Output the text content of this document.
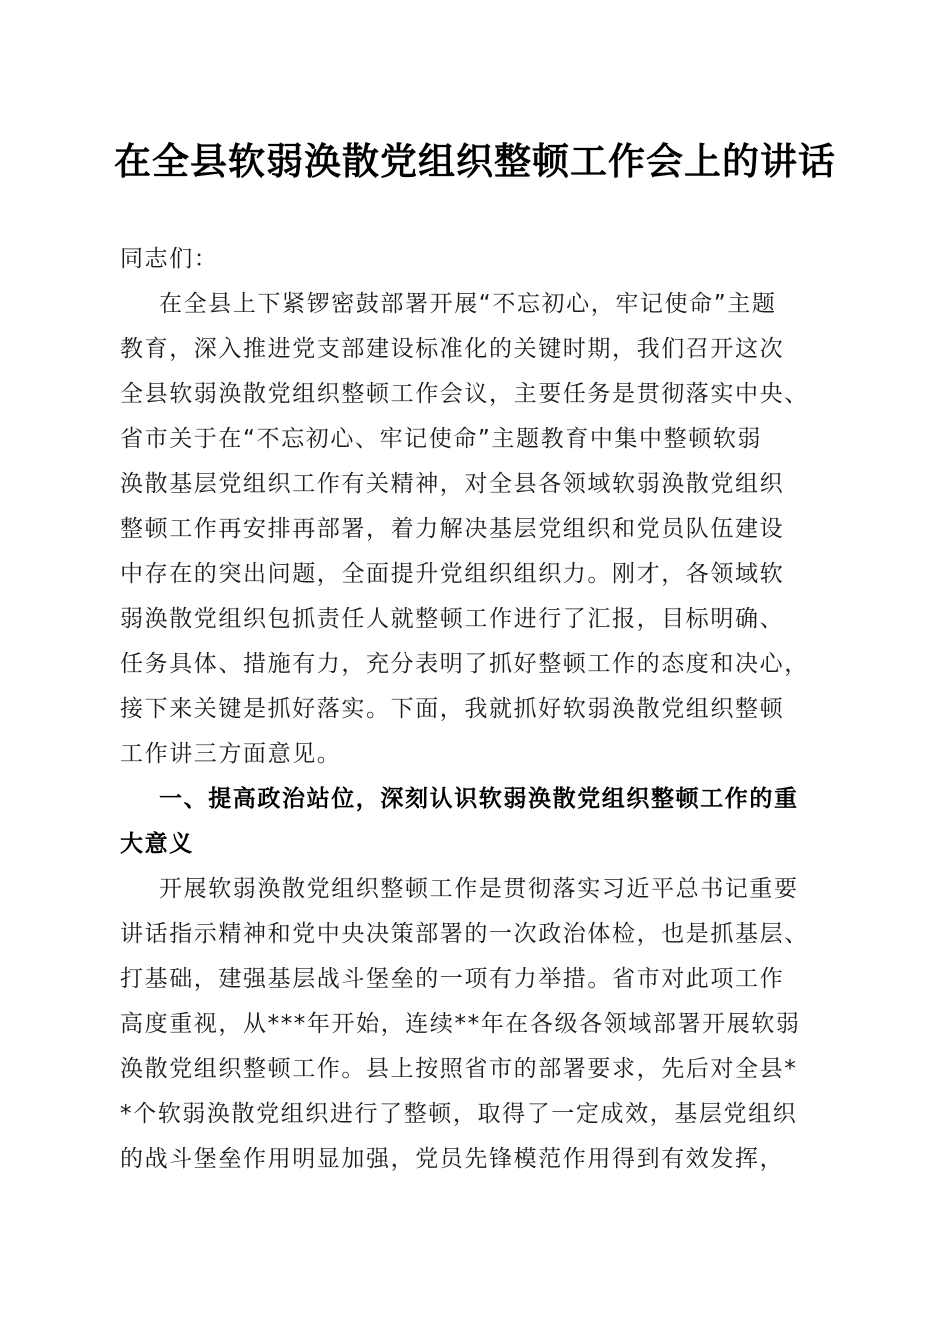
在全县软弱涣散党组织整顿工作会上的讲话
同志们：
在全县上下紧锣密鼓部署开展“不忘初心，牢记使命”主题
教育，深入推进党支部建设标准化的关键时期，我们召开这次
全县软弱涣散党组织整顿工作会议，主要任务是贯彻落实中央、
省市关于在“不忘初心、牢记使命”主题教育中集中整顿软弱
涣散基层党组织工作有关精神，对全县各领域软弱涣散党组织
整顿工作再安排再部署，着力解决基层党组织和党员队伍建设
中存在的突出问题，全面提升党组织组织力。刚才，各领域软
弱涣散党组织包抓责任人就整顿工作进行了汇报，目标明确、
任务具体、措施有力，充分表明了抓好整顿工作的态度和决心，
接下来关键是抓好落实。下面，我就抓好软弱涣散党组织整顿
工作讲三方面意见。
一、提高政治站位，深刻认识软弱涣散党组织整顿工作的重
大意义
开展软弱涣散党组织整顿工作是贯彻落实习近平总书记重要
讲话指示精神和党中央决策部署的一次政治体检，也是抓基层、
打基础，建强基层战斗堡垒的一项有力举措。省市对此项工作
高度重视，从***年开始，连续**年在各级各领域部署开展软弱
涣散党组织整顿工作。县上按照省市的部署要求，先后对全县*
*个软弱涣散党组织进行了整顿，取得了一定成效，基层党组织
的战斗堡垒作用明显加强，党员先锋模范作用得到有效发挥，
